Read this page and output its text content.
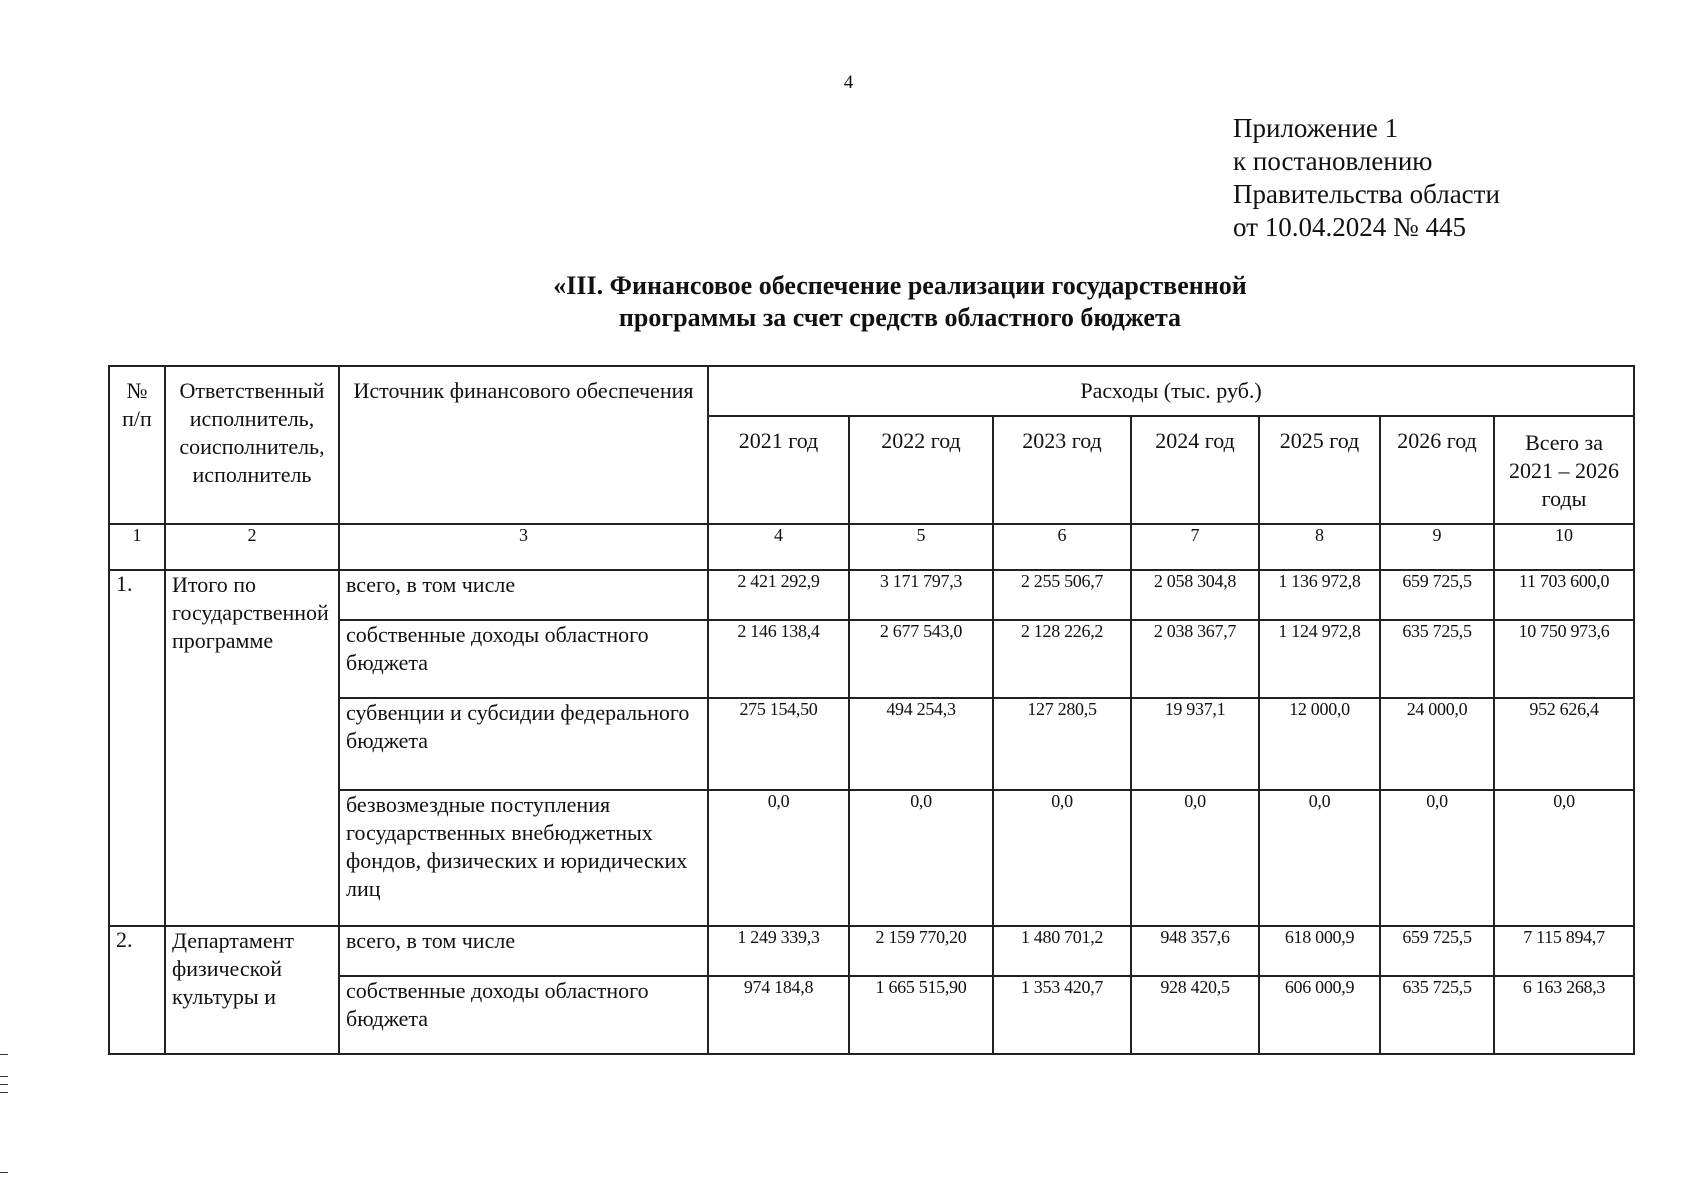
4
Приложение 1
к постановлению
Правительства области
от 10.04.2024 № 445
«III. Финансовое обеспечение реализации государственной
программы за счет средств областного бюджета
№ п/п	Ответственный исполнитель, соисполнитель, исполнитель	Источник финансового обеспечения	Расходы (тыс. руб.)						
			2021 год	2022 год	2023 год	2024 год	2025 год	2026 год	Всего за 2021 – 2026 годы
1	2	3	4	5	6	7	8	9	10
1.	Итого по государственной программе	всего, в том числе	2 421 292,9	3 171 797,3	2 255 506,7	2 058 304,8	1 136 972,8	659 725,5	11 703 600,0
		собственные доходы областного бюджета	2 146 138,4	2 677 543,0	2 128 226,2	2 038 367,7	1 124 972,8	635 725,5	10 750 973,6
		субвенции и субсидии федерального бюджета	275 154,50	494 254,3	127 280,5	19 937,1	12 000,0	24 000,0	952 626,4
		безвозмездные поступления государственных внебюджетных фондов, физических и юридических лиц	0,0	0,0	0,0	0,0	0,0	0,0	0,0
2.	Департамент физической культуры и	всего, в том числе	1 249 339,3	2 159 770,20	1 480 701,2	948 357,6	618 000,9	659 725,5	7 115 894,7
		собственные доходы областного бюджета	974 184,8	1 665 515,90	1 353 420,7	928 420,5	606 000,9	635 725,5	6 163 268,3
